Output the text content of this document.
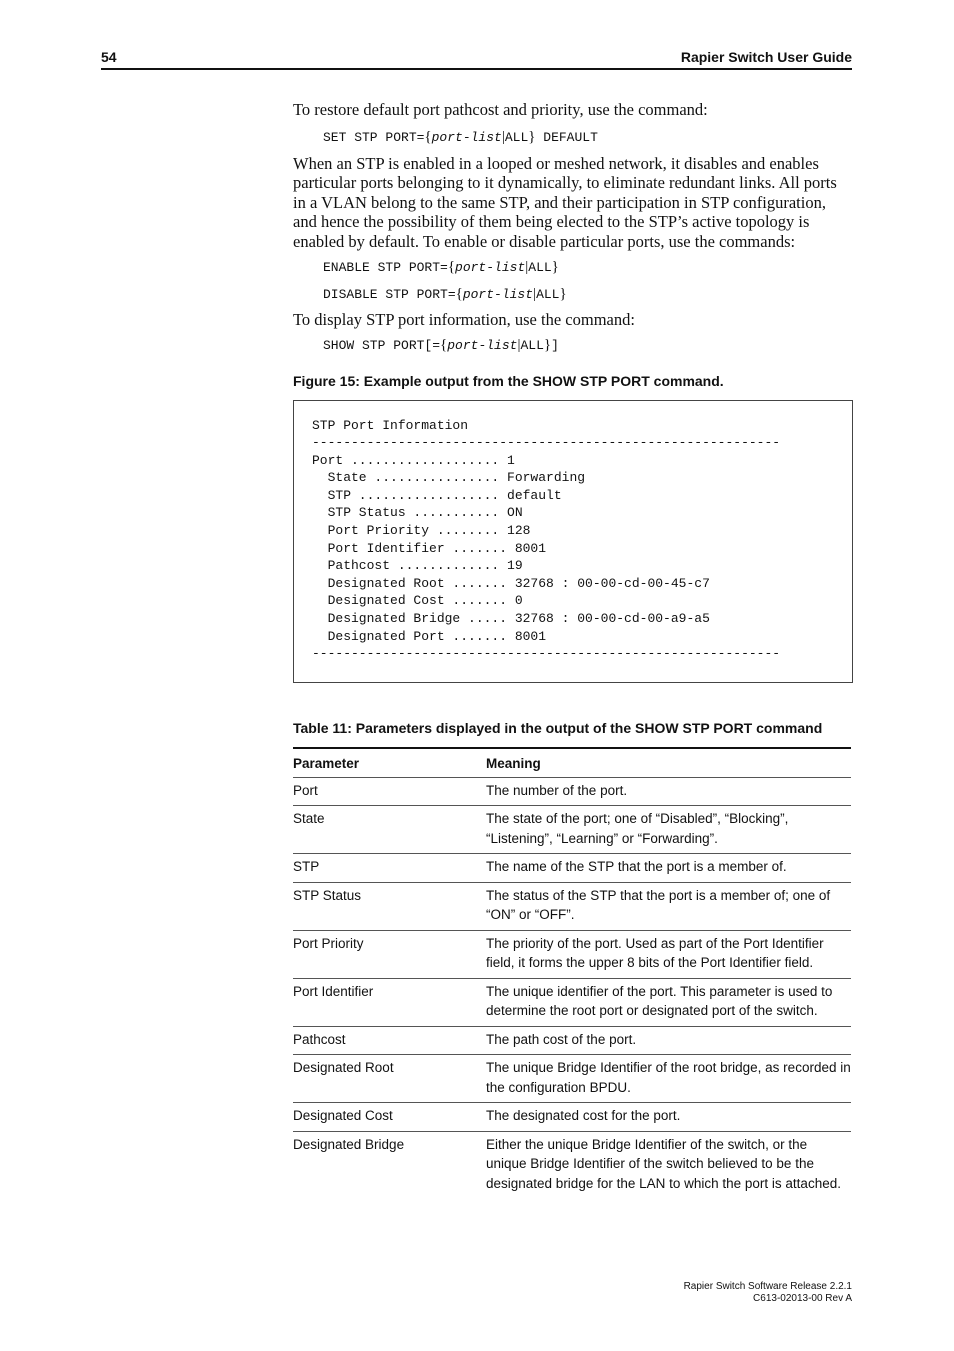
54	Rapier Switch User Guide

To restore default port pathcost and priority, use the command:

SET STP PORT={port-list|ALL} DEFAULT

When an STP is enabled in a looped or meshed network, it disables and enables particular ports belonging to it dynamically, to eliminate redundant links. All ports in a VLAN belong to the same STP, and their participation in STP configuration, and hence the possibility of them being elected to the STP’s active topology is enabled by default. To enable or disable particular ports, use the commands:

ENABLE STP PORT={port-list|ALL}
DISABLE STP PORT={port-list|ALL}

To display STP port information, use the command:

SHOW STP PORT[={port-list|ALL}]
Figure 15: Example output from the SHOW STP PORT command.
STP Port Information
------------------------------------------------------------
Port ................... 1
State ................ Forwarding
STP .................. default
STP Status ........... ON
Port Priority ........ 128
Port Identifier ....... 8001
Pathcost ............. 19
Designated Root ....... 32768 : 00-00-cd-00-45-c7
Designated Cost ....... 0
Designated Bridge ..... 32768 : 00-00-cd-00-a9-a5
Designated Port ....... 8001
------------------------------------------------------------
Table 11: Parameters displayed in the output of the SHOW STP PORT command
Parameter	Meaning
Port	The number of the port.
State	The state of the port; one of “Disabled”, “Blocking”, “Listening”, “Learning” or “Forwarding”.
STP	The name of the STP that the port is a member of.
STP Status	The status of the STP that the port is a member of; one of “ON” or “OFF”.
Port Priority	The priority of the port. Used as part of the Port Identifier field, it forms the upper 8 bits of the Port Identifier field.
Port Identifier	The unique identifier of the port. This parameter is used to determine the root port or designated port of the switch.
Pathcost	The path cost of the port.
Designated Root	The unique Bridge Identifier of the root bridge, as recorded in the configuration BPDU.
Designated Cost	The designated cost for the port.
Designated Bridge	Either the unique Bridge Identifier of the switch, or the unique Bridge Identifier of the switch believed to be the designated bridge for the LAN to which the port is attached.
Rapier Switch Software Release 2.2.1
C613-02013-00 Rev A
